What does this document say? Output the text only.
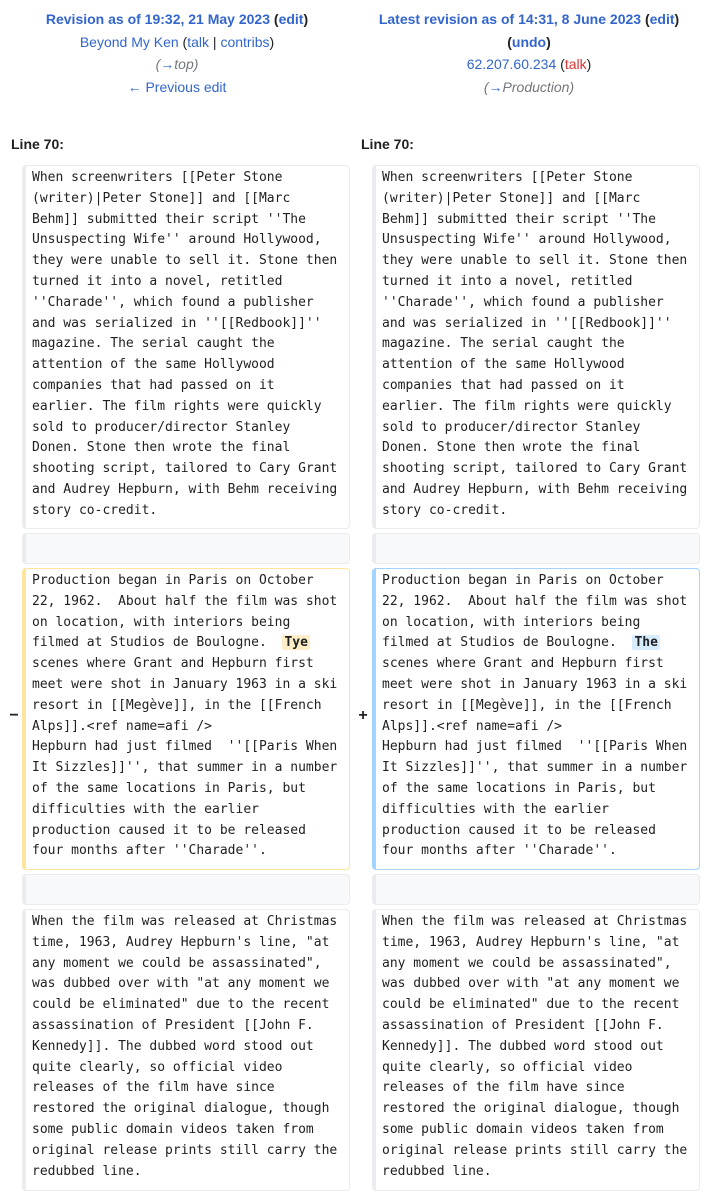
Revision as of 19:32, 21 May 2023 (edit)
Beyond My Ken (talk | contribs)
(→top)
← Previous edit
Latest revision as of 14:31, 8 June 2023 (edit)
(undo)
62.207.60.234 (talk)
(→Production)
Line 70:	Line 70:
When screenwriters [[Peter Stone (writer)|Peter Stone]] and [[Marc Behm]] submitted their script ''The Unsuspecting Wife'' around Hollywood, they were unable to sell it. Stone then turned it into a novel, retitled ''Charade'', which found a publisher and was serialized in ''[[Redbook]]'' magazine. The serial caught the attention of the same Hollywood companies that had passed on it earlier. The film rights were quickly sold to producer/director Stanley Donen. Stone then wrote the final shooting script, tailored to Cary Grant and Audrey Hepburn, with Behm receiving story co-credit.
When screenwriters [[Peter Stone (writer)|Peter Stone]] and [[Marc Behm]] submitted their script ''The Unsuspecting Wife'' around Hollywood, they were unable to sell it. Stone then turned it into a novel, retitled ''Charade'', which found a publisher and was serialized in ''[[Redbook]]'' magazine. The serial caught the attention of the same Hollywood companies that had passed on it earlier. The film rights were quickly sold to producer/director Stanley Donen. Stone then wrote the final shooting script, tailored to Cary Grant and Audrey Hepburn, with Behm receiving story co-credit.
−
Production began in Paris on October 22, 1962.  About half the film was shot on location, with interiors being filmed at Studios de Boulogne.  Tye
scenes where Grant and Hepburn first meet were shot in January 1963 in a ski resort in [[Megève]], in the [[French Alps]].<ref name=afi />
Hepburn had just filmed  ''[[Paris When It Sizzles]]'', that summer in a number of the same locations in Paris, but difficulties with the earlier production caused it to be released four months after ''Charade''.
+
Production began in Paris on October 22, 1962.  About half the film was shot on location, with interiors being filmed at Studios de Boulogne.  The
scenes where Grant and Hepburn first meet were shot in January 1963 in a ski resort in [[Megève]], in the [[French Alps]].<ref name=afi />
Hepburn had just filmed  ''[[Paris When It Sizzles]]'', that summer in a number of the same locations in Paris, but difficulties with the earlier production caused it to be released four months after ''Charade''.
When the film was released at Christmas time, 1963, Audrey Hepburn's line, "at any moment we could be assassinated", was dubbed over with "at any moment we could be eliminated" due to the recent assassination of President [[John F. Kennedy]]. The dubbed word stood out quite clearly, so official video releases of the film have since restored the original dialogue, though some public domain videos taken from original release prints still carry the redubbed line.
When the film was released at Christmas time, 1963, Audrey Hepburn's line, "at any moment we could be assassinated", was dubbed over with "at any moment we could be eliminated" due to the recent assassination of President [[John F. Kennedy]]. The dubbed word stood out quite clearly, so official video releases of the film have since restored the original dialogue, though some public domain videos taken from original release prints still carry the redubbed line.
